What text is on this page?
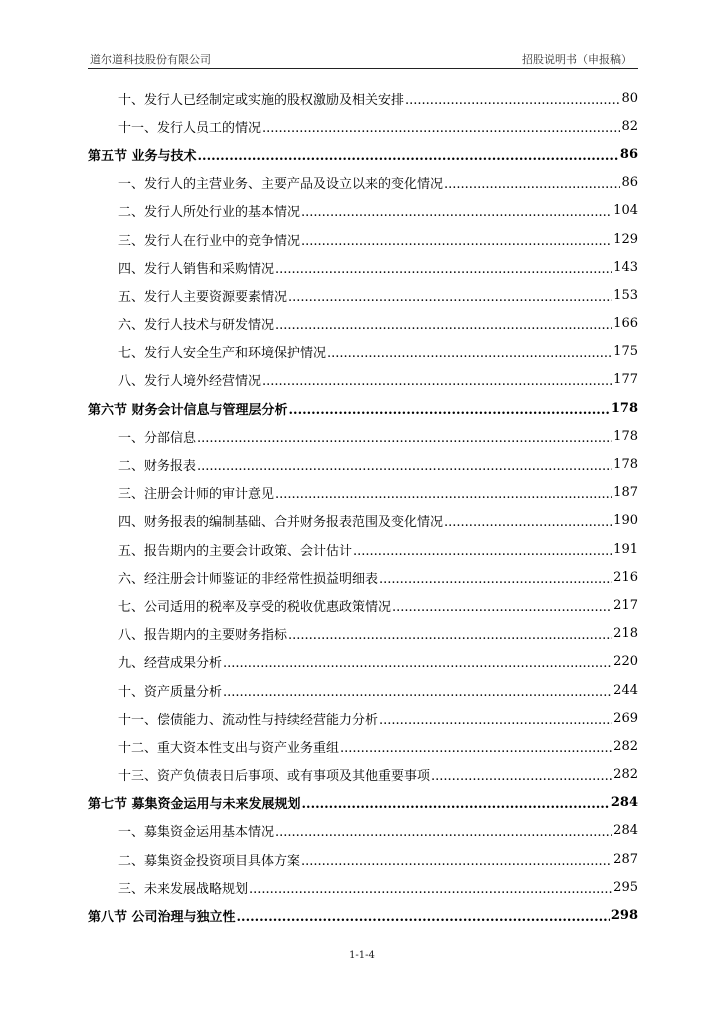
道尔道科技股份有限公司	招股说明书（申报稿）
十、发行人已经制定或实施的股权激励及相关安排 .....	80
十一、发行人员工的情况 .....	82
第五节 业务与技术 .....	86
一、发行人的主营业务、主要产品及设立以来的变化情况 .....	86
二、发行人所处行业的基本情况 .....	104
三、发行人在行业中的竞争情况 .....	129
四、发行人销售和采购情况 .....	143
五、发行人主要资源要素情况 .....	153
六、发行人技术与研发情况 .....	166
七、发行人安全生产和环境保护情况 .....	175
八、发行人境外经营情况 .....	177
第六节 财务会计信息与管理层分析 .....	178
一、分部信息 .....	178
二、财务报表 .....	178
三、注册会计师的审计意见 .....	187
四、财务报表的编制基础、合并财务报表范围及变化情况 .....	190
五、报告期内的主要会计政策、会计估计 .....	191
六、经注册会计师鉴证的非经常性损益明细表 .....	216
七、公司适用的税率及享受的税收优惠政策情况 .....	217
八、报告期内的主要财务指标 .....	218
九、经营成果分析 .....	220
十、资产质量分析 .....	244
十一、偿债能力、流动性与持续经营能力分析 .....	269
十二、重大资本性支出与资产业务重组 .....	282
十三、资产负债表日后事项、或有事项及其他重要事项 .....	282
第七节 募集资金运用与未来发展规划 .....	284
一、募集资金运用基本情况 .....	284
二、募集资金投资项目具体方案 .....	287
三、未来发展战略规划 .....	295
第八节 公司治理与独立性 .....	298
1-1-4
